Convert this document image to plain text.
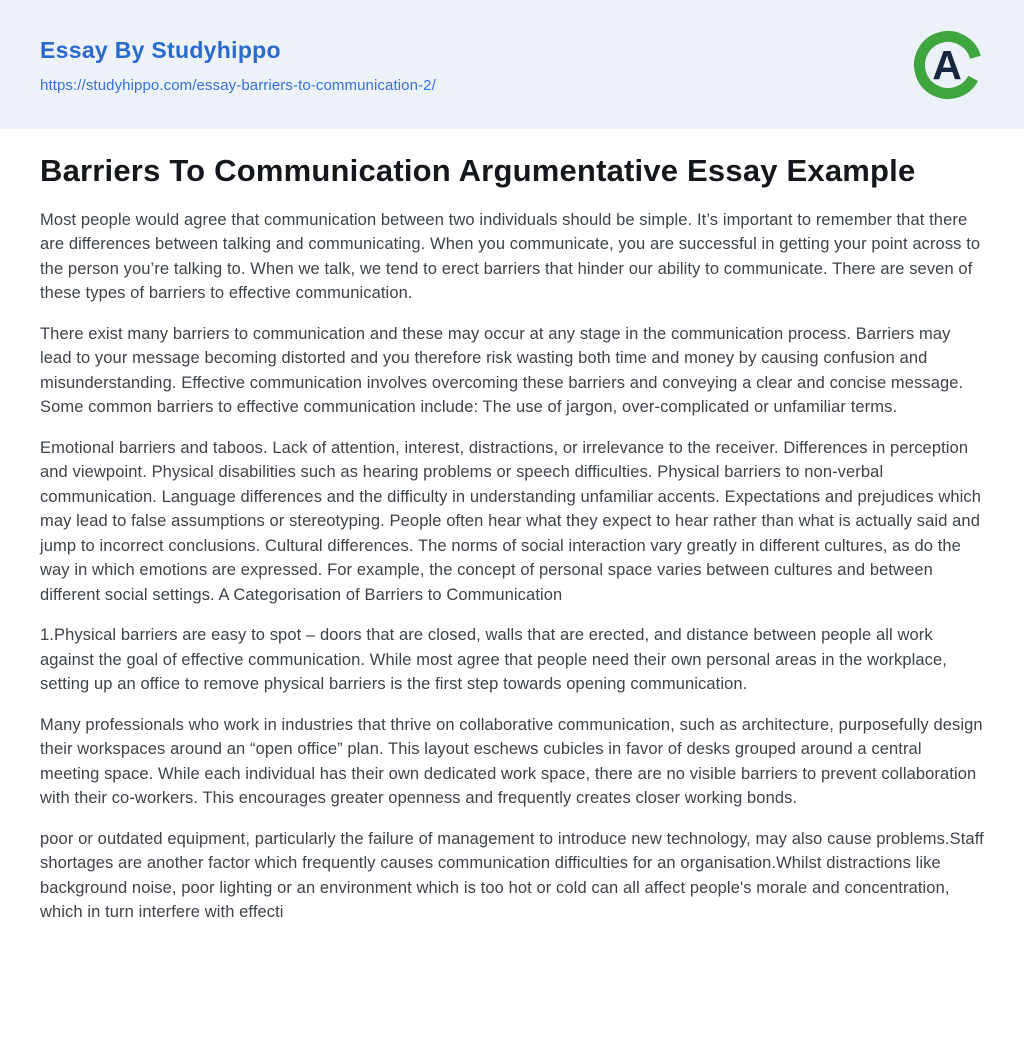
Essay By Studyhippo
https://studyhippo.com/essay-barriers-to-communication-2/	A
Barriers To Communication Argumentative Essay Example

Most people would agree that communication between two individuals should be simple. It’s important to remember that there are differences between talking and communicating. When you communicate, you are successful in getting your point across to the person you’re talking to. When we talk, we tend to erect barriers that hinder our ability to communicate. There are seven of these types of barriers to effective communication.

There exist many barriers to communication and these may occur at any stage in the communication process. Barriers may lead to your message becoming distorted and you therefore risk wasting both time and money by causing confusion and misunderstanding. Effective communication involves overcoming these barriers and conveying a clear and concise message. Some common barriers to effective communication include: The use of jargon, over-complicated or unfamiliar terms.

Emotional barriers and taboos. Lack of attention, interest, distractions, or irrelevance to the receiver. Differences in perception and viewpoint. Physical disabilities such as hearing problems or speech difficulties. Physical barriers to non-verbal communication. Language differences and the difficulty in understanding unfamiliar accents. Expectations and prejudices which may lead to false assumptions or stereotyping. People often hear what they expect to hear rather than what is actually said and jump to incorrect conclusions. Cultural differences. The norms of social interaction vary greatly in different cultures, as do the way in which emotions are expressed. For example, the concept of personal space varies between cultures and between different social settings. A Categorisation of Barriers to Communication

1.Physical barriers are easy to spot – doors that are closed, walls that are erected, and distance between people all work against the goal of effective communication. While most agree that people need their own personal areas in the workplace, setting up an office to remove physical barriers is the first step towards opening communication.

Many professionals who work in industries that thrive on collaborative communication, such as architecture, purposefully design their workspaces around an “open office” plan. This layout eschews cubicles in favor of desks grouped around a central meeting space. While each individual has their own dedicated work space, there are no visible barriers to prevent collaboration with their co-workers. This encourages greater openness and frequently creates closer working bonds.

poor or outdated equipment, particularly the failure of management to introduce new technology, may also cause problems.Staff shortages are another factor which frequently causes communication difficulties for an organisation.Whilst distractions like background noise, poor lighting or an environment which is too hot or cold can all affect people's morale and concentration, which in turn interfere with effecti
